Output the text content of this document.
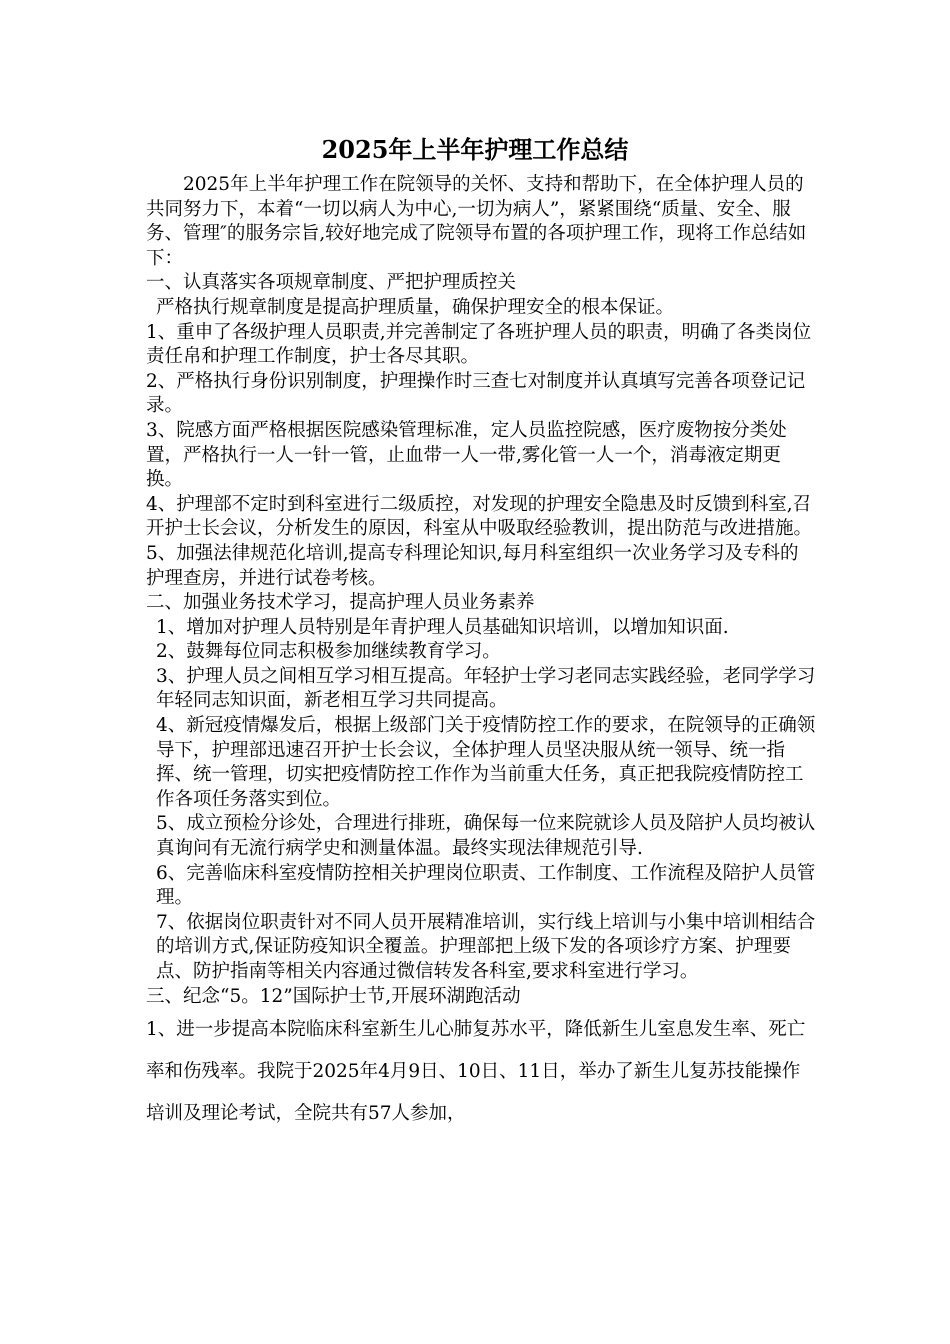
2025年上半年护理工作总结

2025年上半年护理工作在院领导的关怀、支持和帮助下，在全体护理人员的共同努力下，本着“一切以病人为中心,一切为病人”，紧紧围绕“质量、安全、服务、管理″的服务宗旨,较好地完成了院领导布置的各项护理工作，现将工作总结如下：

一、认真落实各项规章制度、严把护理质控关

严格执行规章制度是提高护理质量，确保护理安全的根本保证。

1、重申了各级护理人员职责,并完善制定了各班护理人员的职责，明确了各类岗位责任帛和护理工作制度，护士各尽其职。

2、严格执行身份识别制度，护理操作时三查七对制度并认真填写完善各项登记记录。

3、院感方面严格根据医院感染管理标准，定人员监控院感，医疗废物按分类处置，严格执行一人一针一管，止血带一人一带,雾化管一人一个，消毒液定期更换。

4、护理部不定时到科室进行二级质控，对发现的护理安全隐患及时反馈到科室,召开护士长会议，分析发生的原因，科室从中吸取经验教训，提出防范与改进措施。

5、加强法律规范化培训,提高专科理论知识,每月科室组织一次业务学习及专科的护理查房，并进行试卷考核。

二、加强业务技术学习，提高护理人员业务素养

1、增加对护理人员特别是年青护理人员基础知识培训，以增加知识面.

2、鼓舞每位同志积极参加继续教育学习。

3、护理人员之间相互学习相互提高。年轻护士学习老同志实践经验，老同学学习年轻同志知识面，新老相互学习共同提高。

4、新冠疫情爆发后，根据上级部门关于疫情防控工作的要求，在院领导的正确领导下，护理部迅速召开护士长会议，全体护理人员坚决服从统一领导、统一指挥、统一管理，切实把疫情防控工作作为当前重大任务，真正把我院疫情防控工作各项任务落实到位。

5、成立预检分诊处，合理进行排班，确保每一位来院就诊人员及陪护人员均被认真询问有无流行病学史和测量体温。最终实现法律规范引导.

6、完善临床科室疫情防控相关护理岗位职责、工作制度、工作流程及陪护人员管理。

7、依据岗位职责针对不同人员开展精准培训，实行线上培训与小集中培训相结合的培训方式,保证防疫知识全覆盖。护理部把上级下发的各项诊疗方案、护理要点、防护指南等相关内容通过微信转发各科室,要求科室进行学习。

三、纪念“5。12”国际护士节,开展环湖跑活动

1、进一步提高本院临床科室新生儿心肺复苏水平，降低新生儿室息发生率、死亡率和伤残率。我院于2025年4月9日、10日、11日，举办了新生儿复苏技能操作培训及理论考试，全院共有57人参加，
